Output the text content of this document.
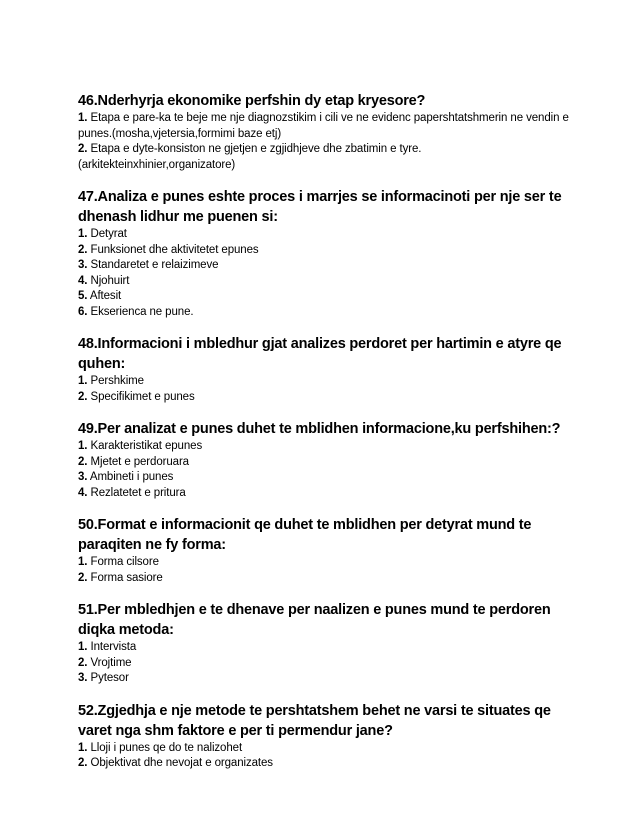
46.Nderhyrja ekonomike perfshin dy etap kryesore?

1. Etapa e pare-ka te beje me nje diagnozstikim i cili ve ne evidenc papershtatshmerin ne vendin e punes.(mosha,vjetersia,formimi baze etj)

2. Etapa e dyte-konsiston ne gjetjen e zgjidhjeve dhe zbatimin e tyre. (arkitekteinxhinier,organizatore)

47.Analiza e punes eshte proces i marrjes se informacinoti per nje ser te dhenash lidhur me puenen si:

1. Detyrat

2. Funksionet dhe aktivitetet epunes

3. Standaretet e relaizimeve

4. Njohuirt

5. Aftesit

6. Ekserienca ne pune.

48.Informacioni i mbledhur gjat analizes perdoret per hartimin e atyre qe quhen:

1. Pershkime

2. Specifikimet e punes

49.Per analizat e punes duhet te mblidhen informacione,ku perfshihen:?

1. Karakteristikat epunes

2. Mjetet e perdoruara

3. Ambineti i punes

4. Rezlatetet e pritura

50.Format e informacionit qe duhet te mblidhen per detyrat mund te paraqiten ne fy forma:

1. Forma cilsore

2. Forma sasiore

51.Per mbledhjen e te dhenave per naalizen e punes mund te perdoren diqka metoda:

1. Intervista

2. Vrojtime

3. Pytesor

52.Zgjedhja e nje metode te pershtatshem behet ne varsi te situates qe varet nga shm faktore e per ti permendur jane?

1. Lloji i punes qe do te nalizohet

2. Objektivat dhe nevojat e organizates
